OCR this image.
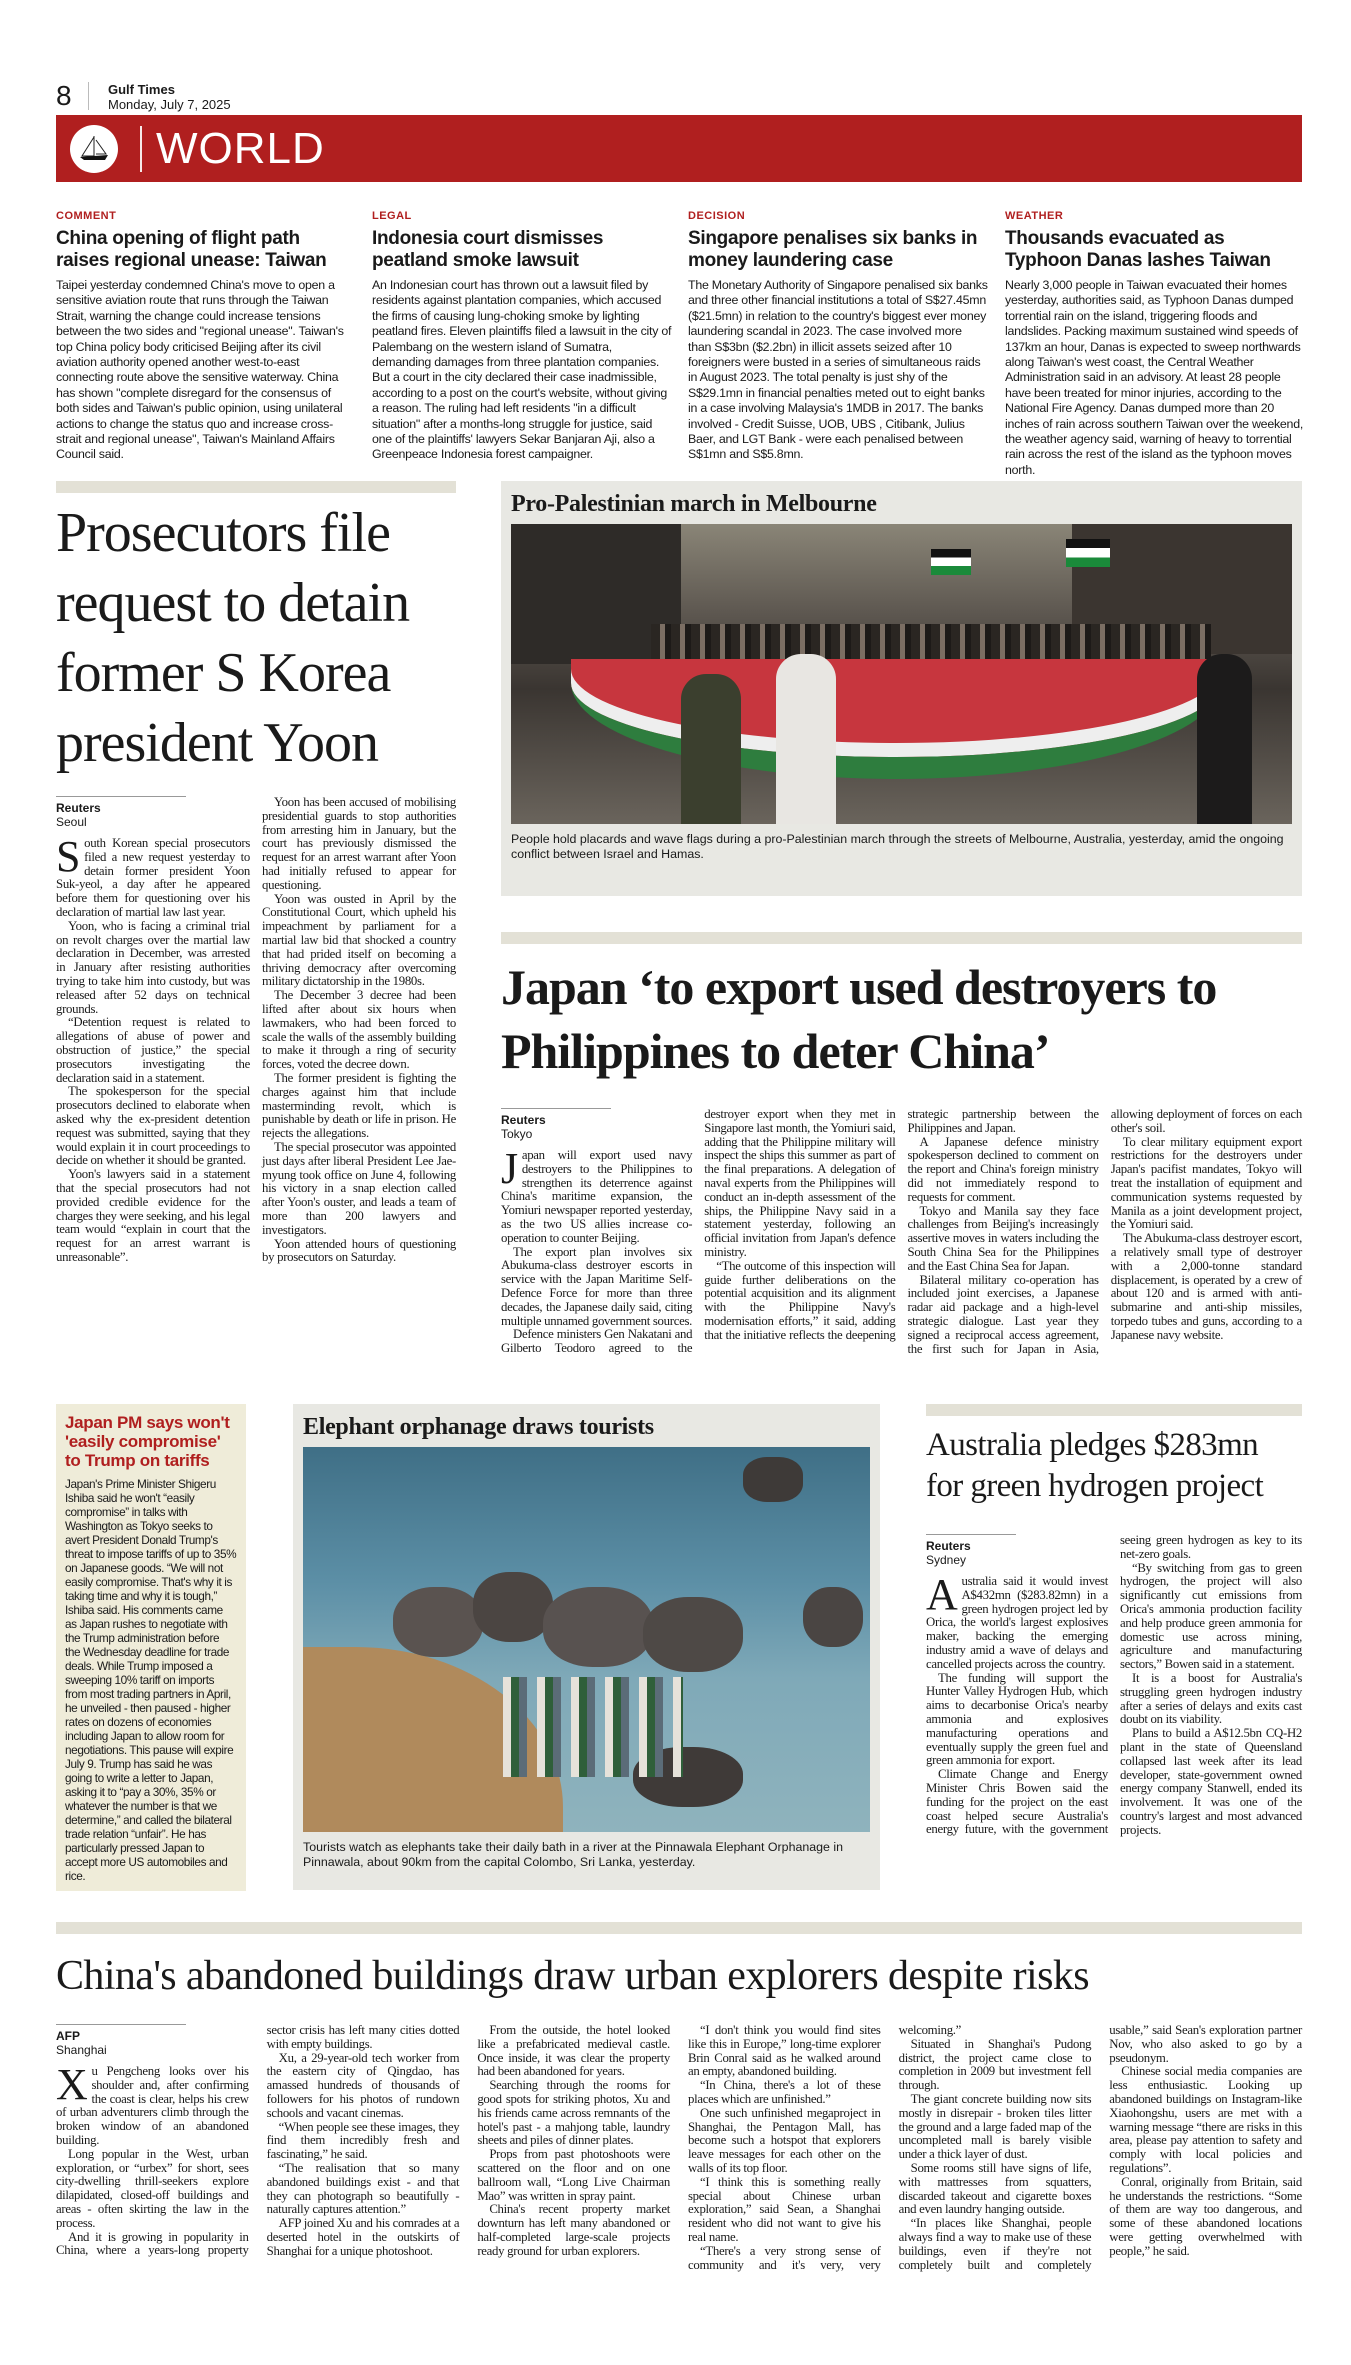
8	Gulf Times
Monday, July 7, 2025
WORLD
COMMENT
China opening of flight path raises regional unease: Taiwan
Taipei yesterday condemned China's move to open a sensitive aviation route that runs through the Taiwan Strait, warning the change could increase tensions between the two sides and "regional unease". Taiwan's top China policy body criticised Beijing after its civil aviation authority opened another west-to-east connecting route above the sensitive waterway. China has shown "complete disregard for the consensus of both sides and Taiwan's public opinion, using unilateral actions to change the status quo and increase cross-strait and regional unease", Taiwan's Mainland Affairs Council said.
LEGAL
Indonesia court dismisses peatland smoke lawsuit
An Indonesian court has thrown out a lawsuit filed by residents against plantation companies, which accused the firms of causing lung-choking smoke by lighting peatland fires. Eleven plaintiffs filed a lawsuit in the city of Palembang on the western island of Sumatra, demanding damages from three plantation companies. But a court in the city declared their case inadmissible, according to a post on the court's website, without giving a reason. The ruling had left residents "in a difficult situation" after a months-long struggle for justice, said one of the plaintiffs' lawyers Sekar Banjaran Aji, also a Greenpeace Indonesia forest campaigner.
DECISION
Singapore penalises six banks in money laundering case
The Monetary Authority of Singapore penalised six banks and three other financial institutions a total of S$27.45mn ($21.5mn) in relation to the country's biggest ever money laundering scandal in 2023. The case involved more than S$3bn ($2.2bn) in illicit assets seized after 10 foreigners were busted in a series of simultaneous raids in August 2023. The total penalty is just shy of the S$29.1mn in financial penalties meted out to eight banks in a case involving Malaysia's 1MDB in 2017. The banks involved - Credit Suisse, UOB, UBS , Citibank, Julius Baer, and LGT Bank - were each penalised between S$1mn and S$5.8mn.
WEATHER
Thousands evacuated as Typhoon Danas lashes Taiwan
Nearly 3,000 people in Taiwan evacuated their homes yesterday, authorities said, as Typhoon Danas dumped torrential rain on the island, triggering floods and landslides. Packing maximum sustained wind speeds of 137km an hour, Danas is expected to sweep northwards along Taiwan's west coast, the Central Weather Administration said in an advisory. At least 28 people have been treated for minor injuries, according to the National Fire Agency. Danas dumped more than 20 inches of rain across southern Taiwan over the weekend, the weather agency said, warning of heavy to torrential rain across the rest of the island as the typhoon moves north.
Prosecutors file request to detain former S Korea president Yoon
Reuters
Seoul

South Korean special prosecutors filed a new request yesterday to detain former president Yoon Suk-yeol, a day after he appeared before them for questioning over his declaration of martial law last year.

Yoon, who is facing a criminal trial on revolt charges over the martial law declaration in December, was arrested in January after resisting authorities trying to take him into custody, but was released after 52 days on technical grounds.

“Detention request is related to allegations of abuse of power and obstruction of justice,” the special prosecutors investigating the declaration said in a statement.

The spokesperson for the special prosecutors declined to elaborate when asked why the ex-president detention request was submitted, saying that they would explain it in court proceedings to decide on whether it should be granted.

Yoon's lawyers said in a statement that the special prosecutors had not provided credible evidence for the charges they were seeking, and his legal team would “explain in court that the request for an arrest warrant is unreasonable”.

Yoon has been accused of mobilising presidential guards to stop authorities from arresting him in January, but the court has previously dismissed the request for an arrest warrant after Yoon had initially refused to appear for questioning.

Yoon was ousted in April by the Constitutional Court, which upheld his impeachment by parliament for a martial law bid that shocked a country that had prided itself on becoming a thriving democracy after overcoming military dictatorship in the 1980s.

The December 3 decree had been lifted after about six hours when lawmakers, who had been forced to scale the walls of the assembly building to make it through a ring of security forces, voted the decree down.

The former president is fighting the charges against him that include masterminding revolt, which is punishable by death or life in prison. He rejects the allegations.

The special prosecutor was appointed just days after liberal President Lee Jae-myung took office on June 4, following his victory in a snap election called after Yoon's ouster, and leads a team of more than 200 lawyers and investigators.

Yoon attended hours of questioning by prosecutors on Saturday.

Pro-Palestinian march in Melbourne
People hold placards and wave flags during a pro-Palestinian march through the streets of Melbourne, Australia, yesterday, amid the ongoing conflict between Israel and Hamas.
Japan ‘to export used destroyers to Philippines to deter China’
Reuters
Tokyo

Japan will export used navy destroyers to the Philippines to strengthen its deterrence against China's maritime expansion, the Yomiuri newspaper reported yesterday, as the two US allies increase co-operation to counter Beijing.

The export plan involves six Abukuma-class destroyer escorts in service with the Japan Maritime Self-Defence Force for more than three decades, the Japanese daily said, citing multiple unnamed government sources.

Defence ministers Gen Nakatani and Gilberto Teodoro agreed to the destroyer export when they met in Singapore last month, the Yomiuri said, adding that the Philippine military will inspect the ships this summer as part of the final preparations. A delegation of naval experts from the Philippines will conduct an in-depth assessment of the ships, the Philippine Navy said in a statement yesterday, following an official invitation from Japan's defence ministry.

“The outcome of this inspection will guide further deliberations on the potential acquisition and its alignment with the Philippine Navy's modernisation efforts,” it said, adding that the initiative reflects the deepening strategic partnership between the Philippines and Japan.

A Japanese defence ministry spokesperson declined to comment on the report and China's foreign ministry did not immediately respond to requests for comment.

Tokyo and Manila say they face challenges from Beijing's increasingly assertive moves in waters including the South China Sea for the Philippines and the East China Sea for Japan.

Bilateral military co-operation has included joint exercises, a Japanese radar aid package and a high-level strategic dialogue. Last year they signed a reciprocal access agreement, the first such for Japan in Asia, allowing deployment of forces on each other's soil.

To clear military equipment export restrictions for the destroyers under Japan's pacifist mandates, Tokyo will treat the installation of equipment and communication systems requested by Manila as a joint development project, the Yomiuri said.

The Abukuma-class destroyer escort, a relatively small type of destroyer with a 2,000-tonne standard displacement, is operated by a crew of about 120 and is armed with anti-submarine and anti-ship missiles, torpedo tubes and guns, according to a Japanese navy website.

Japan PM says won't 'easily compromise' to Trump on tariffs
Japan's Prime Minister Shigeru Ishiba said he won't “easily compromise” in talks with Washington as Tokyo seeks to avert President Donald Trump's threat to impose tariffs of up to 35% on Japanese goods. “We will not easily compromise. That's why it is taking time and why it is tough,” Ishiba said. His comments came as Japan rushes to negotiate with the Trump administration before the Wednesday deadline for trade deals. While Trump imposed a sweeping 10% tariff on imports from most trading partners in April, he unveiled - then paused - higher rates on dozens of economies including Japan to allow room for negotiations. This pause will expire July 9. Trump has said he was going to write a letter to Japan, asking it to “pay a 30%, 35% or whatever the number is that we determine,” and called the bilateral trade relation “unfair”. He has particularly pressed Japan to accept more US automobiles and rice.
Elephant orphanage draws tourists
Tourists watch as elephants take their daily bath in a river at the Pinnawala Elephant Orphanage in Pinnawala, about 90km from the capital Colombo, Sri Lanka, yesterday.
Australia pledges $283mn for green hydrogen project
Reuters
Sydney

Australia said it would invest A$432mn ($283.82mn) in a green hydrogen project led by Orica, the world's largest explosives maker, backing the emerging industry amid a wave of delays and cancelled projects across the country.

The funding will support the Hunter Valley Hydrogen Hub, which aims to decarbonise Orica's nearby ammonia and explosives manufacturing operations and eventually supply the green fuel and green ammonia for export.

Climate Change and Energy Minister Chris Bowen said the funding for the project on the east coast helped secure Australia's energy future, with the government seeing green hydrogen as key to its net-zero goals.

“By switching from gas to green hydrogen, the project will also significantly cut emissions from Orica's ammonia production facility and help produce green ammonia for domestic use across mining, agriculture and manufacturing sectors,” Bowen said in a statement.

It is a boost for Australia's struggling green hydrogen industry after a series of delays and exits cast doubt on its viability.

Plans to build a A$12.5bn CQ-H2 plant in the state of Queensland collapsed last week after its lead developer, state-government owned energy company Stanwell, ended its involvement. It was one of the country's largest and most advanced projects.

China's abandoned buildings draw urban explorers despite risks
AFP
Shanghai

Xu Pengcheng looks over his shoulder and, after confirming the coast is clear, helps his crew of urban adventurers climb through the broken window of an abandoned building.

Long popular in the West, urban exploration, or “urbex” for short, sees city-dwelling thrill-seekers explore dilapidated, closed-off buildings and areas - often skirting the law in the process.

And it is growing in popularity in China, where a years-long property sector crisis has left many cities dotted with empty buildings.

Xu, a 29-year-old tech worker from the eastern city of Qingdao, has amassed hundreds of thousands of followers for his photos of rundown schools and vacant cinemas.

“When people see these images, they find them incredibly fresh and fascinating,” he said.

“The realisation that so many abandoned buildings exist - and that they can photograph so beautifully - naturally captures attention.”

AFP joined Xu and his comrades at a deserted hotel in the outskirts of Shanghai for a unique photoshoot.

From the outside, the hotel looked like a prefabricated medieval castle. Once inside, it was clear the property had been abandoned for years.

Searching through the rooms for good spots for striking photos, Xu and his friends came across remnants of the hotel's past - a mahjong table, laundry sheets and piles of dinner plates.

Props from past photoshoots were scattered on the floor and on one ballroom wall, “Long Live Chairman Mao” was written in spray paint.

China's recent property market downturn has left many abandoned or half-completed large-scale projects ready ground for urban explorers.

“I don't think you would find sites like this in Europe,” long-time explorer Brin Conral said as he walked around an empty, abandoned building.

“In China, there's a lot of these places which are unfinished.”

One such unfinished megaproject in Shanghai, the Pentagon Mall, has become such a hotspot that explorers leave messages for each other on the walls of its top floor.

“I think this is something really special about Chinese urban exploration,” said Sean, a Shanghai resident who did not want to give his real name.

“There's a very strong sense of community and it's very, very welcoming.”

Situated in Shanghai's Pudong district, the project came close to completion in 2009 but investment fell through.

The giant concrete building now sits mostly in disrepair - broken tiles litter the ground and a large faded map of the uncompleted mall is barely visible under a thick layer of dust.

Some rooms still have signs of life, with mattresses from squatters, discarded takeout and cigarette boxes and even laundry hanging outside.

“In places like Shanghai, people always find a way to make use of these buildings, even if they're not completely built and completely usable,” said Sean's exploration partner Nov, who also asked to go by a pseudonym.

Chinese social media companies are less enthusiastic. Looking up abandoned buildings on Instagram-like Xiaohongshu, users are met with a warning message “there are risks in this area, please pay attention to safety and comply with local policies and regulations”.

Conral, originally from Britain, said he understands the restrictions. “Some of them are way too dangerous, and some of these abandoned locations were getting overwhelmed with people,” he said.
